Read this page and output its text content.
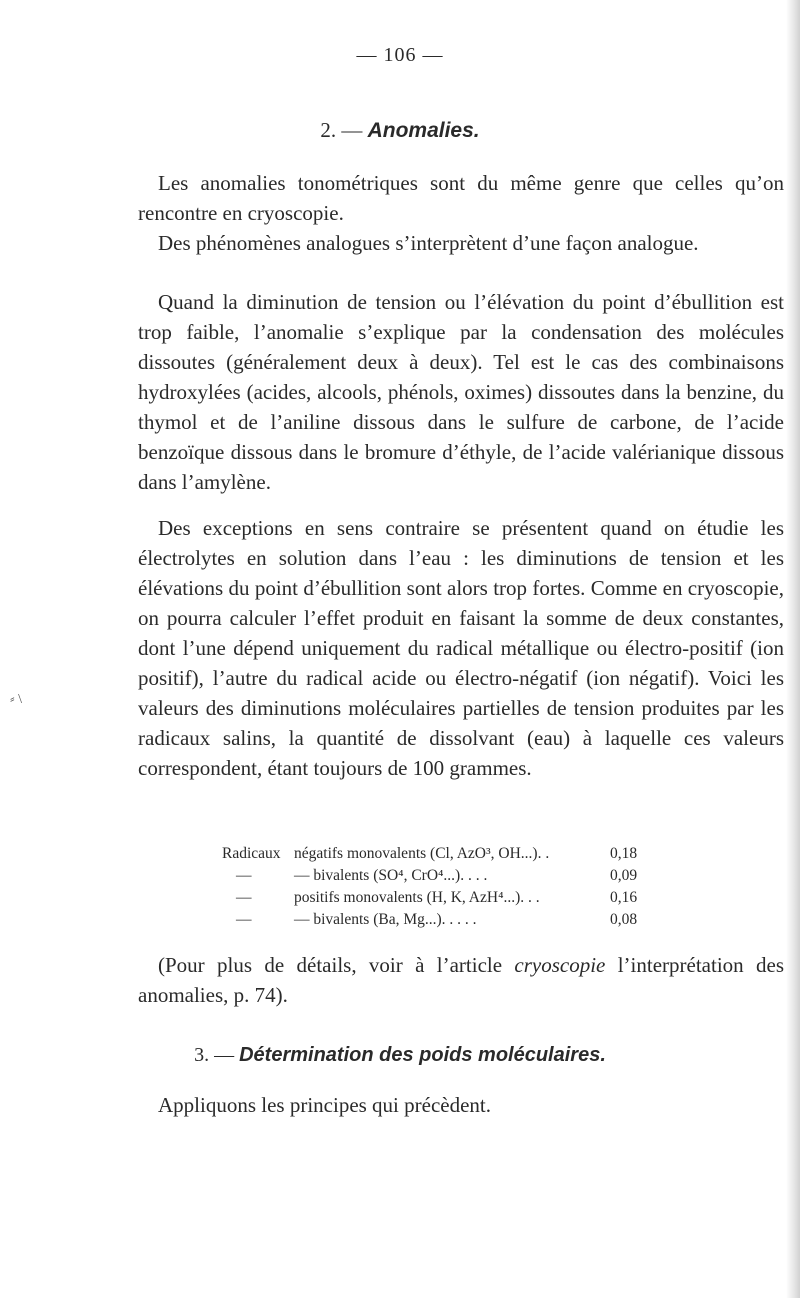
— 106 —
2. — Anomalies.

Les anomalies tonométriques sont du même genre que celles qu’on rencontre en cryoscopie.

Des phénomènes analogues s’interprètent d’une façon analogue.

Quand la diminution de tension ou l’élévation du point d’ébullition est trop faible, l’anomalie s’explique par la condensation des molécules dissoutes (généralement deux à deux). Tel est le cas des combinaisons hydroxylées (acides, alcools, phénols, oximes) dissoutes dans la benzine, du thymol et de l’aniline dissous dans le sulfure de carbone, de l’acide benzoïque dissous dans le bromure d’éthyle, de l’acide valérianique dissous dans l’amylène.

Des exceptions en sens contraire se présentent quand on étudie les électrolytes en solution dans l’eau : les diminutions de tension et les élévations du point d’ébullition sont alors trop fortes. Comme en cryoscopie, on pourra calculer l’effet produit en faisant la somme de deux constantes, dont l’une dépend uniquement du radical métallique ou électro-positif (ion positif), l’autre du radical acide ou électro-négatif (ion négatif). Voici les valeurs des diminutions moléculaires partielles de tension produites par les radicaux salins, la quantité de dissolvant (eau) à laquelle ces valeurs correspondent, étant toujours de 100 grammes.

Radicaux négatifs monovalents (Cl, AzO³, OH...). .	0,18
—	— bivalents (SO⁴, CrO⁴...). . . .	0,09
—	positifs monovalents (H, K, AzH⁴...). . .	0,16
—	— bivalents (Ba, Mg...). . . . .	0,08

(Pour plus de détails, voir à l’article cryoscopie l’interprétation des anomalies, p. 74).

3. — Détermination des poids moléculaires.

Appliquons les principes qui précèdent.

⸗ \
